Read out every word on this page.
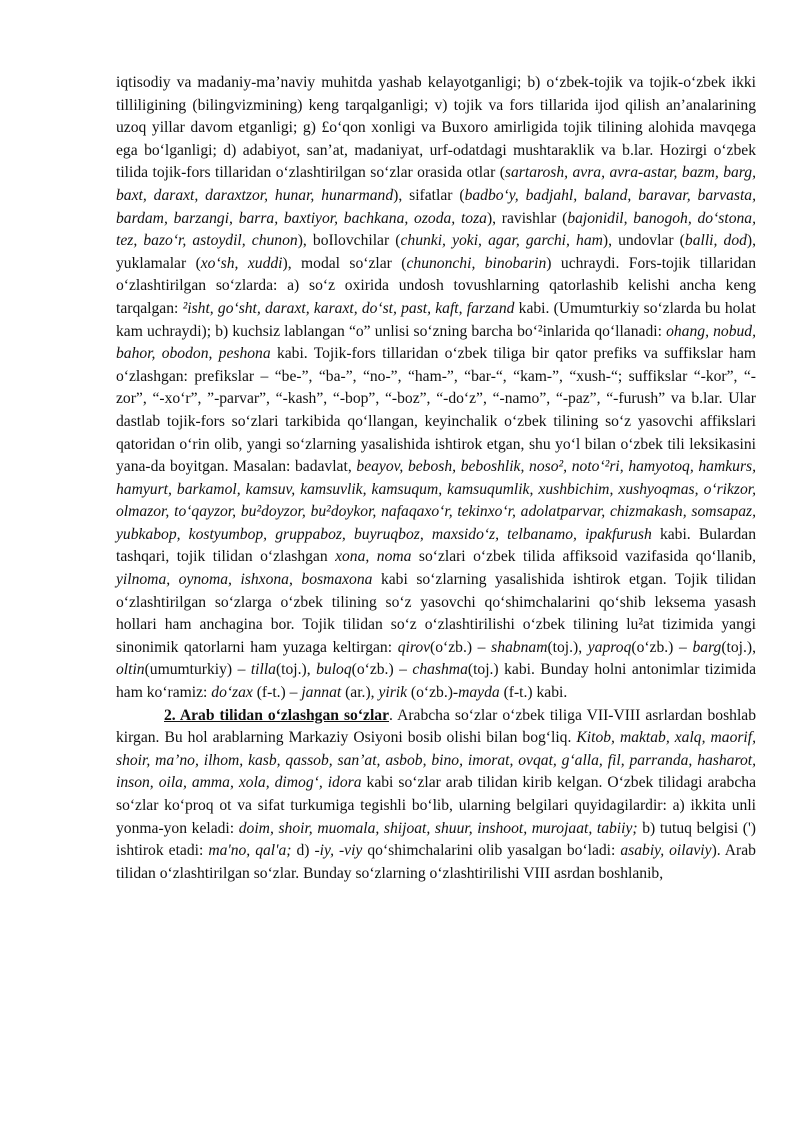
iqtisodiy va madaniy-ma’naviy muhitda yashab kelayotganligi; b) o‘zbek-tojik va tojik-o‘zbek ikki tilliligining (bilingvizmining) keng tarqalganligi; v) tojik va fors tillarida ijod qilish an’analarining uzoq yillar davom etganligi; g) £o‘qon xonligi va Buxoro amirligida tojik tilining alohida mavqega ega bo‘lganligi; d) adabiyot, san’at, madaniyat, urf-odatdagi mushtaraklik va b.lar. Hozirgi o‘zbek tilida tojik-fors tillaridan o‘zlashtirilgan so‘zlar orasida otlar (sartarosh, avra, avra-astar, bazm, barg, baxt, daraxt, daraxtzor, hunar, hunarmand), sifatlar (badbo‘y, badjahl, baland, baravar, barvasta, bardam, barzangi, barra, baxtiyor, bachkana, ozoda, toza), ravishlar (bajonidil, banogoh, do‘stona, tez, bazo‘r, astoydil, chunon), boIlovchilar (chunki, yoki, agar, garchi, ham), undovlar (balli, dod), yuklamalar (xo‘sh, xuddi), modal so‘zlar (chunonchi, binobarin) uchraydi. Fors-tojik tillaridan o‘zlashtirilgan so‘zlarda: a) so‘z oxirida undosh tovushlarning qatorlashib kelishi ancha keng tarqalgan: ²isht, go‘sht, daraxt, karaxt, do‘st, past, kaft, farzand kabi. (Umumturkiy so‘zlarda bu holat kam uchraydi); b) kuchsiz lablangan “o” unlisi so‘zning barcha bo‘²inlarida qo‘llanadi: ohang, nobud, bahor, obodon, peshona kabi. Tojik-fors tillaridan o‘zbek tiliga bir qator prefiks va suffikslar ham o‘zlashgan: prefikslar – “be-”, “ba-”, “no-”, “ham-”, “bar-“, “kam-”, “xush-“; suffikslar “-kor”, “-zor”, “-xo‘r”, ”-parvar”, “-kash”, “-bop”, “-boz”, “-do‘z”, “-namo”, “-paz”, “-furush” va b.lar. Ular dastlab tojik-fors so‘zlari tarkibida qo‘llangan, keyinchalik o‘zbek tilining so‘z yasovchi affikslari qatoridan o‘rin olib, yangi so‘zlarning yasalishida ishtirok etgan, shu yo‘l bilan o‘zbek tili leksikasini yana-da boyitgan. Masalan: badavlat, beayov, bebosh, beboshlik, noso², noto‘²ri, hamyotoq, hamkurs, hamyurt, barkamol, kamsuv, kamsuvlik, kamsuqum, kamsuqumlik, xushbichim, xushyoqmas, o‘rikzor, olmazor, to‘qayzor, bu²doyzor, bu²doykor, nafaqaxo‘r, tekinxo‘r, adolatparvar, chizmakash, somsapaz, yubkabop, kostyumbop, gruppaboz, buyruqboz, maxsido‘z, telbanamo, ipakfurush kabi. Bulardan tashqari, tojik tilidan o‘zlashgan xona, noma so‘zlari o‘zbek tilida affiksoid vazifasida qo‘llanib, yilnoma, oynoma, ishxona, bosmaxona kabi so‘zlarning yasalishida ishtirok etgan. Tojik tilidan o‘zlashtirilgan so‘zlarga o‘zbek tilining so‘z yasovchi qo‘shimchalarini qo‘shib leksema yasash hollari ham anchagina bor. Tojik tilidan so‘z o‘zlashtirilishi o‘zbek tilining lu²at tizimida yangi sinonimik qatorlarni ham yuzaga keltirgan: qirov(o‘zb.) – shabnam(toj.), yaproq(o‘zb.) – barg(toj.), oltin(umumturkiy) – tilla(toj.), buloq(o‘zb.) – chashma(toj.) kabi. Bunday holni antonimlar tizimida ham ko‘ramiz: do‘zax (f-t.) – jannat (ar.), yirik (o‘zb.)-mayda (f-t.) kabi.

2. Arab tilidan o‘zlashgan so‘zlar. Arabcha so‘zlar o‘zbek tiliga VII-VIII asrlardan boshlab kirgan. Bu hol arablarning Markaziy Osiyoni bosib olishi bilan bog‘liq. Kitob, maktab, xalq, maorif, shoir, ma’no, ilhom, kasb, qassob, san’at, asbob, bino, imorat, ovqat, g‘alla, fil, parranda, hasharot, inson, oila, amma, xola, dimog‘, idora kabi so‘zlar arab tilidan kirib kelgan. O‘zbek tilidagi arabcha so‘zlar ko‘proq ot va sifat turkumiga tegishli bo‘lib, ularning belgilari quyidagilardir: a) ikkita unli yonma-yon keladi: doim, shoir, muomala, shijoat, shuur, inshoot, murojaat, tabiiy; b) tutuq belgisi (') ishtirok etadi: ma'no, qal'a; d) -iy, -viy qo‘shimchalarini olib yasalgan bo‘ladi: asabiy, oilaviy). Arab tilidan o‘zlashtirilgan so‘zlar. Bunday so‘zlarning o‘zlashtirilishi VIII asrdan boshlanib,
